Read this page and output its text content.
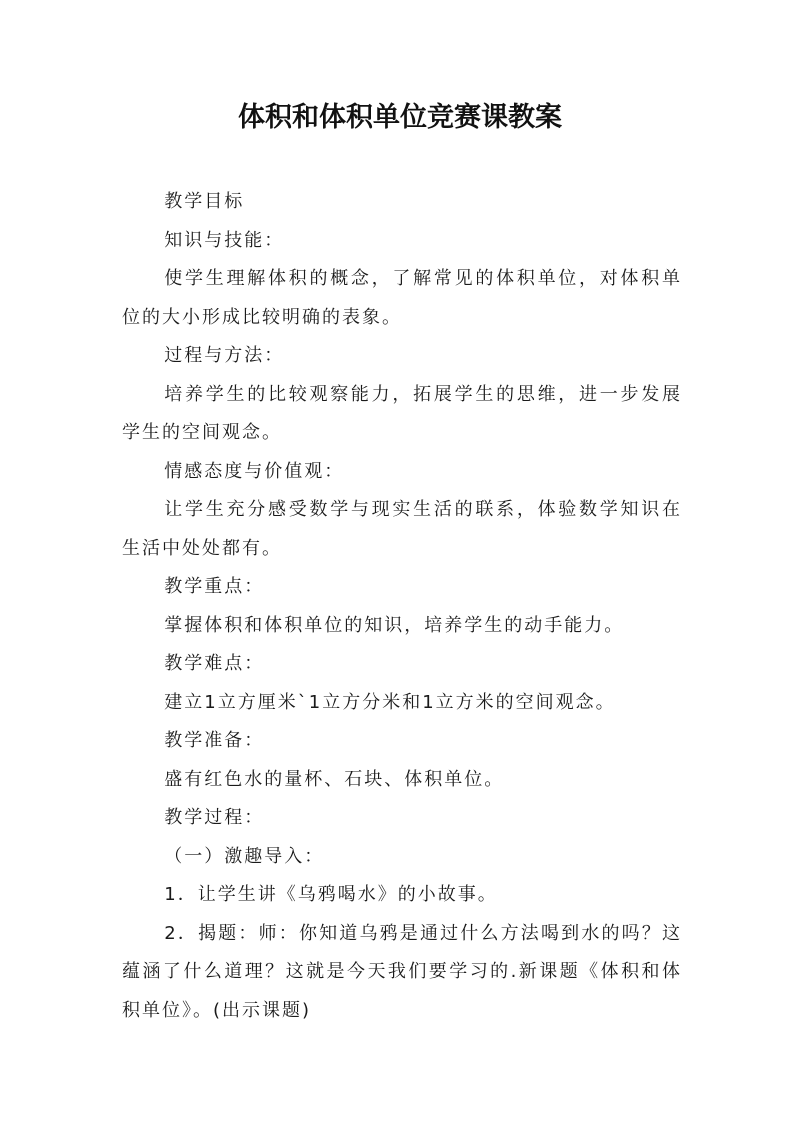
体积和体积单位竞赛课教案

教学目标

知识与技能：

使学生理解体积的概念，了解常见的体积单位，对体积单位的大小形成比较明确的表象。

过程与方法：

培养学生的比较观察能力，拓展学生的思维，进一步发展学生的空间观念。

情感态度与价值观：

让学生充分感受数学与现实生活的联系，体验数学知识在生活中处处都有。

教学重点：

掌握体积和体积单位的知识，培养学生的动手能力。

教学难点：

建立1立方厘米`1立方分米和1立方米的空间观念。

教学准备：

盛有红色水的量杯、石块、体积单位。

教学过程：

（一）激趣导入：

1．让学生讲《乌鸦喝水》的小故事。

2．揭题：师：你知道乌鸦是通过什么方法喝到水的吗？这蕴涵了什么道理？这就是今天我们要学习的.新课题《体积和体积单位》。(出示课题)
